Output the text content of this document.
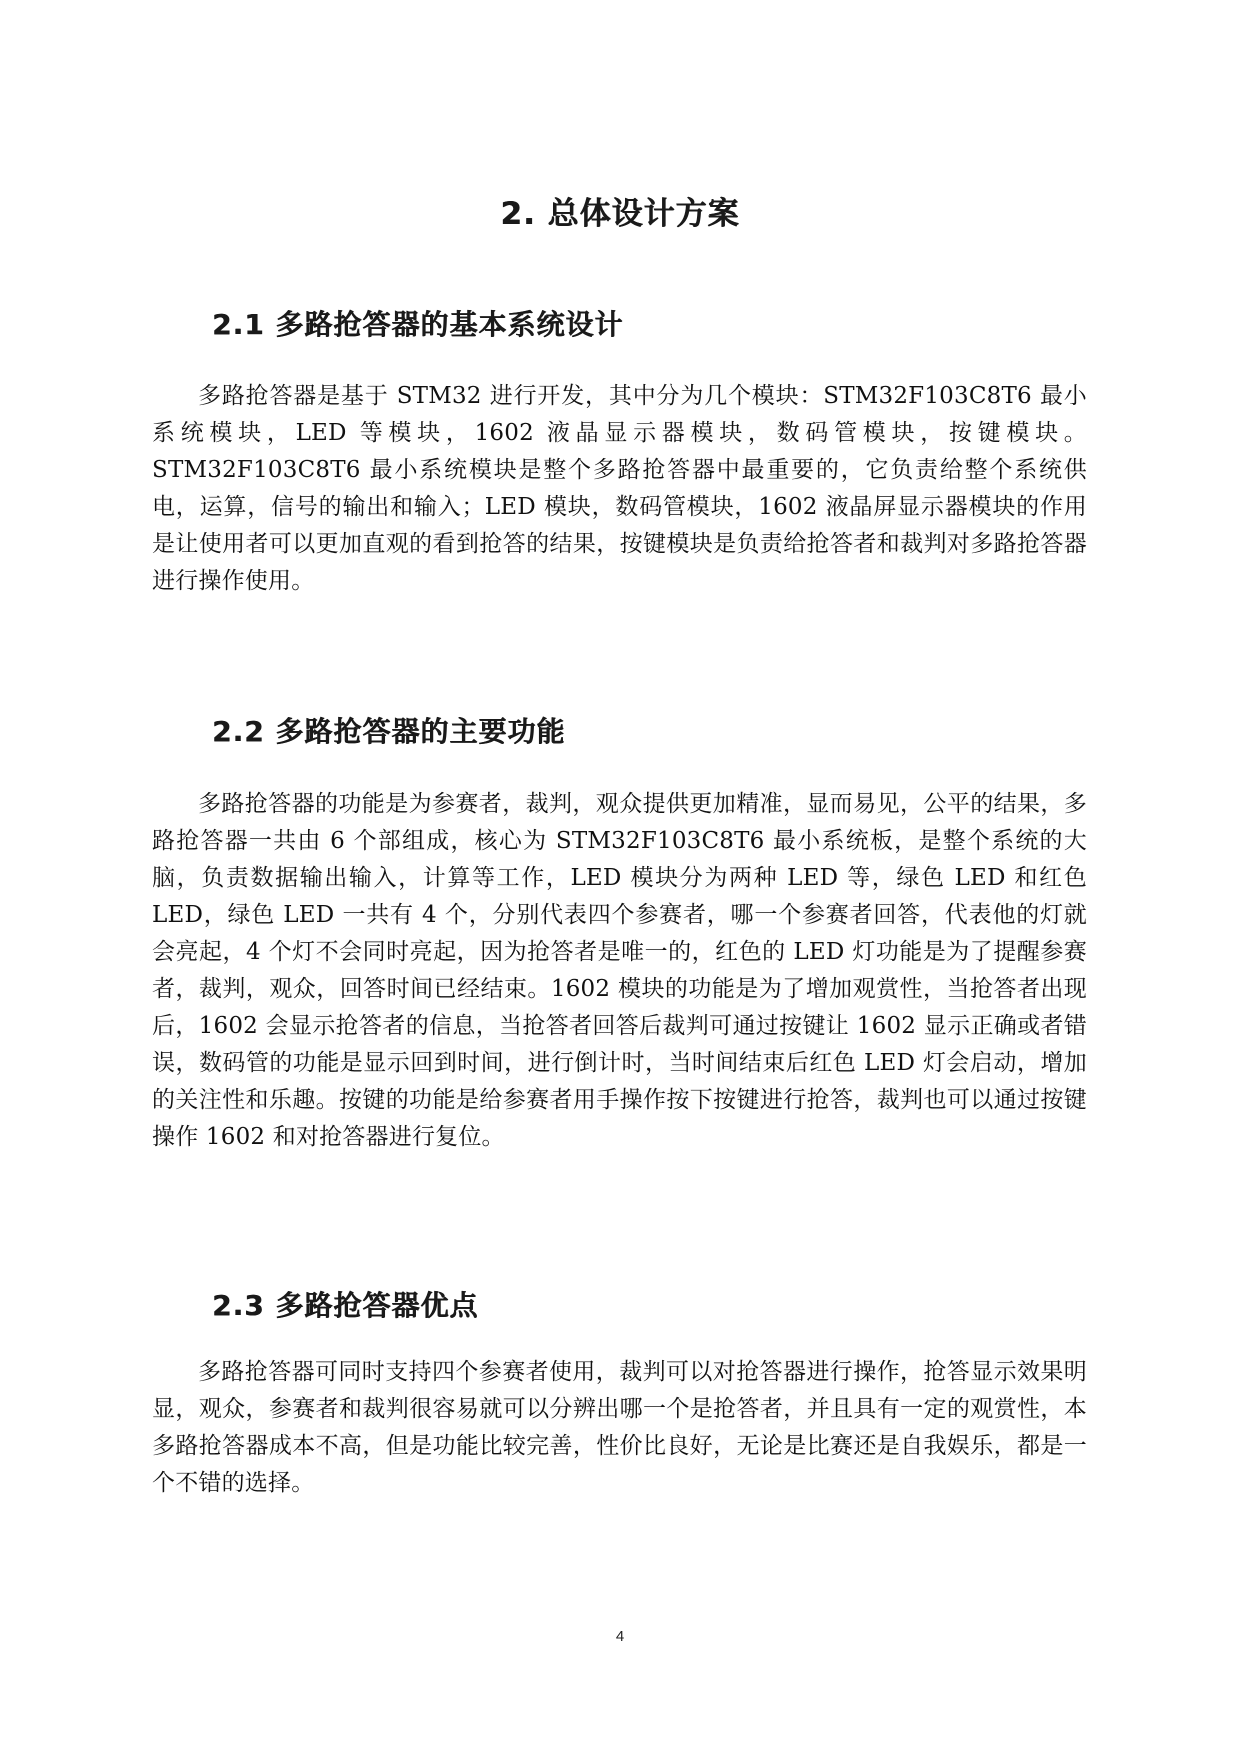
2. 总体设计方案
2.1 多路抢答器的基本系统设计

多路抢答器是基于 STM32 进行开发，其中分为几个模块：STM32F103C8T6 最小系统模块，LED 等模块，1602 液晶显示器模块，数码管模块，按键模块。STM32F103C8T6 最小系统模块是整个多路抢答器中最重要的，它负责给整个系统供电，运算，信号的输出和输入；LED 模块，数码管模块，1602 液晶屏显示器模块的作用是让使用者可以更加直观的看到抢答的结果，按键模块是负责给抢答者和裁判对多路抢答器进行操作使用。

2.2 多路抢答器的主要功能

多路抢答器的功能是为参赛者，裁判，观众提供更加精准，显而易见，公平的结果，多路抢答器一共由 6 个部组成，核心为 STM32F103C8T6 最小系统板，是整个系统的大脑，负责数据输出输入，计算等工作，LED 模块分为两种 LED 等，绿色 LED 和红色 LED，绿色 LED 一共有 4 个，分别代表四个参赛者，哪一个参赛者回答，代表他的灯就会亮起，4 个灯不会同时亮起，因为抢答者是唯一的，红色的 LED 灯功能是为了提醒参赛者，裁判，观众，回答时间已经结束。1602 模块的功能是为了增加观赏性，当抢答者出现后，1602 会显示抢答者的信息，当抢答者回答后裁判可通过按键让 1602 显示正确或者错误，数码管的功能是显示回到时间，进行倒计时，当时间结束后红色 LED 灯会启动，增加的关注性和乐趣。按键的功能是给参赛者用手操作按下按键进行抢答，裁判也可以通过按键操作 1602 和对抢答器进行复位。

2.3 多路抢答器优点

多路抢答器可同时支持四个参赛者使用，裁判可以对抢答器进行操作，抢答显示效果明显，观众，参赛者和裁判很容易就可以分辨出哪一个是抢答者，并且具有一定的观赏性，本多路抢答器成本不高，但是功能比较完善，性价比良好，无论是比赛还是自我娱乐，都是一个不错的选择。

4
